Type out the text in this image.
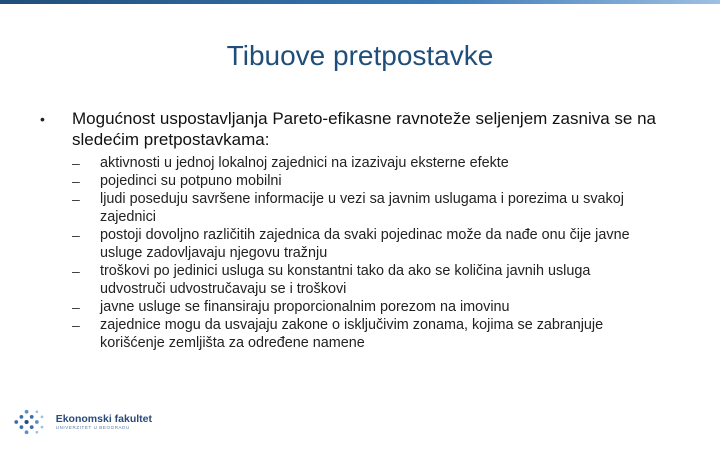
Tibuove pretpostavke
•	Mogućnost uspostavljanja Pareto-efikasne ravnoteže seljenjem zasniva se na sledećim pretpostavkama:
–	aktivnosti u jednoj lokalnoj zajednici na izazivaju eksterne efekte
–	pojedinci su potpuno mobilni
–	ljudi poseduju savršene informacije u vezi sa javnim uslugama i porezima u svakoj zajednici
–	postoji dovoljno različitih zajednica da svaki pojedinac može da nađe onu čije javne usluge zadovljavaju njegovu tražnju
–	troškovi po jedinici usluga su konstantni tako da ako se količina javnih usluga udvostruči udvostručavaju se i troškovi
–	javne usluge se finansiraju proporcionalnim porezom na imovinu
–	zajednice mogu da usvajaju zakone o isključivim zonama, kojima se zabranjuje korišćenje zemljišta za određene namene
Ekonomski fakultet
UNIVERZITET U BEOGRADU
